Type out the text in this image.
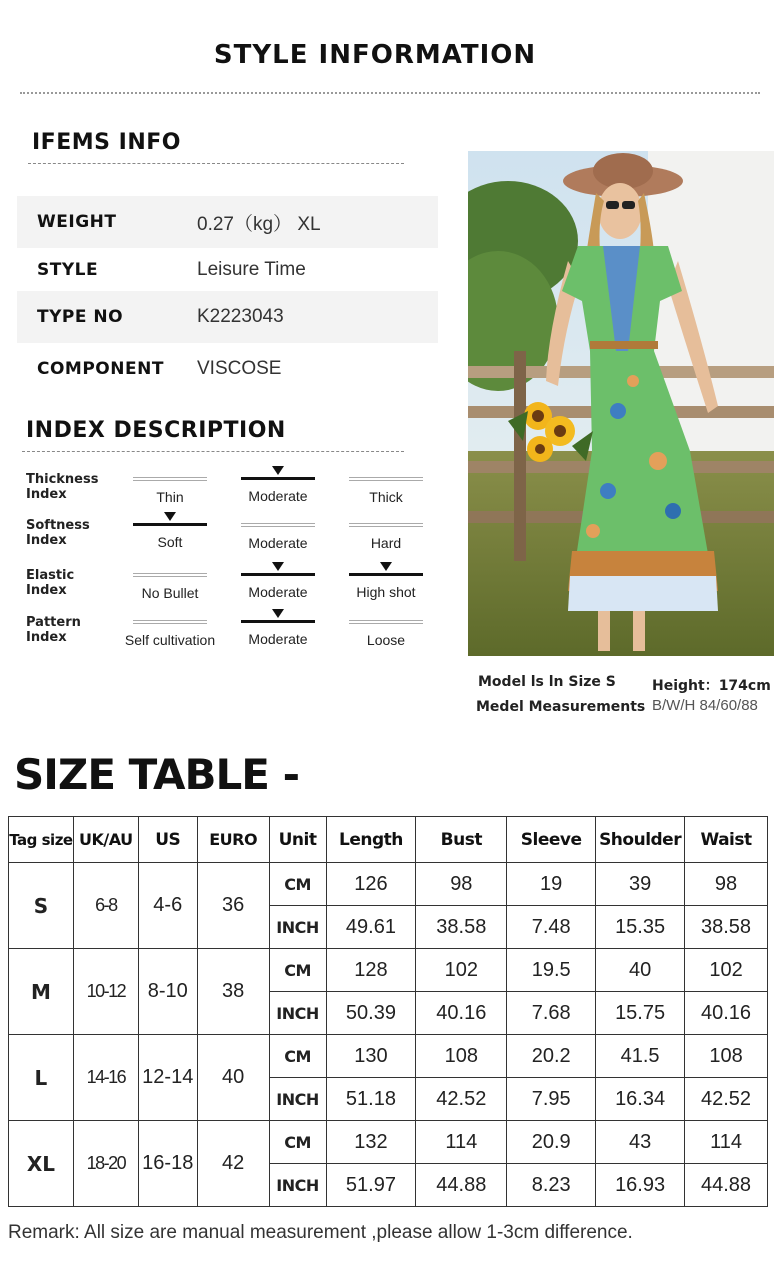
STYLE INFORMATION
IFEMS INFO
WEIGHT	0.27（kg） XL
STYLE	Leisure Time
TYPE NO	K2223043
COMPONENT	VISCOSE
INDEX DESCRIPTION
Thickness Index	Thin	Moderate	Thick
Softness Index	Soft	Moderate	Hard
Elastic Index	No Bullet	Moderate	High shot
Pattern Index	Self cultivation	Moderate	Loose
Model ls ln Size S	Height：174cm
Medel Measurements B/W/H 84/60/88
SIZE TABLE -
Tag size	UK/AU	US	EURO	Unit	Length	Bust	Sleeve	Shoulder	Waist
S	6-8	4-6	36	CM	126	98	19	39	98
				INCH	49.61	38.58	7.48	15.35	38.58
M	10-12	8-10	38	CM	128	102	19.5	40	102
				INCH	50.39	40.16	7.68	15.75	40.16
L	14-16	12-14	40	CM	130	108	20.2	41.5	108
				INCH	51.18	42.52	7.95	16.34	42.52
XL	18-20	16-18	42	CM	132	114	20.9	43	114
				INCH	51.97	44.88	8.23	16.93	44.88
Remark: All size are manual measurement ,please allow 1-3cm difference.
